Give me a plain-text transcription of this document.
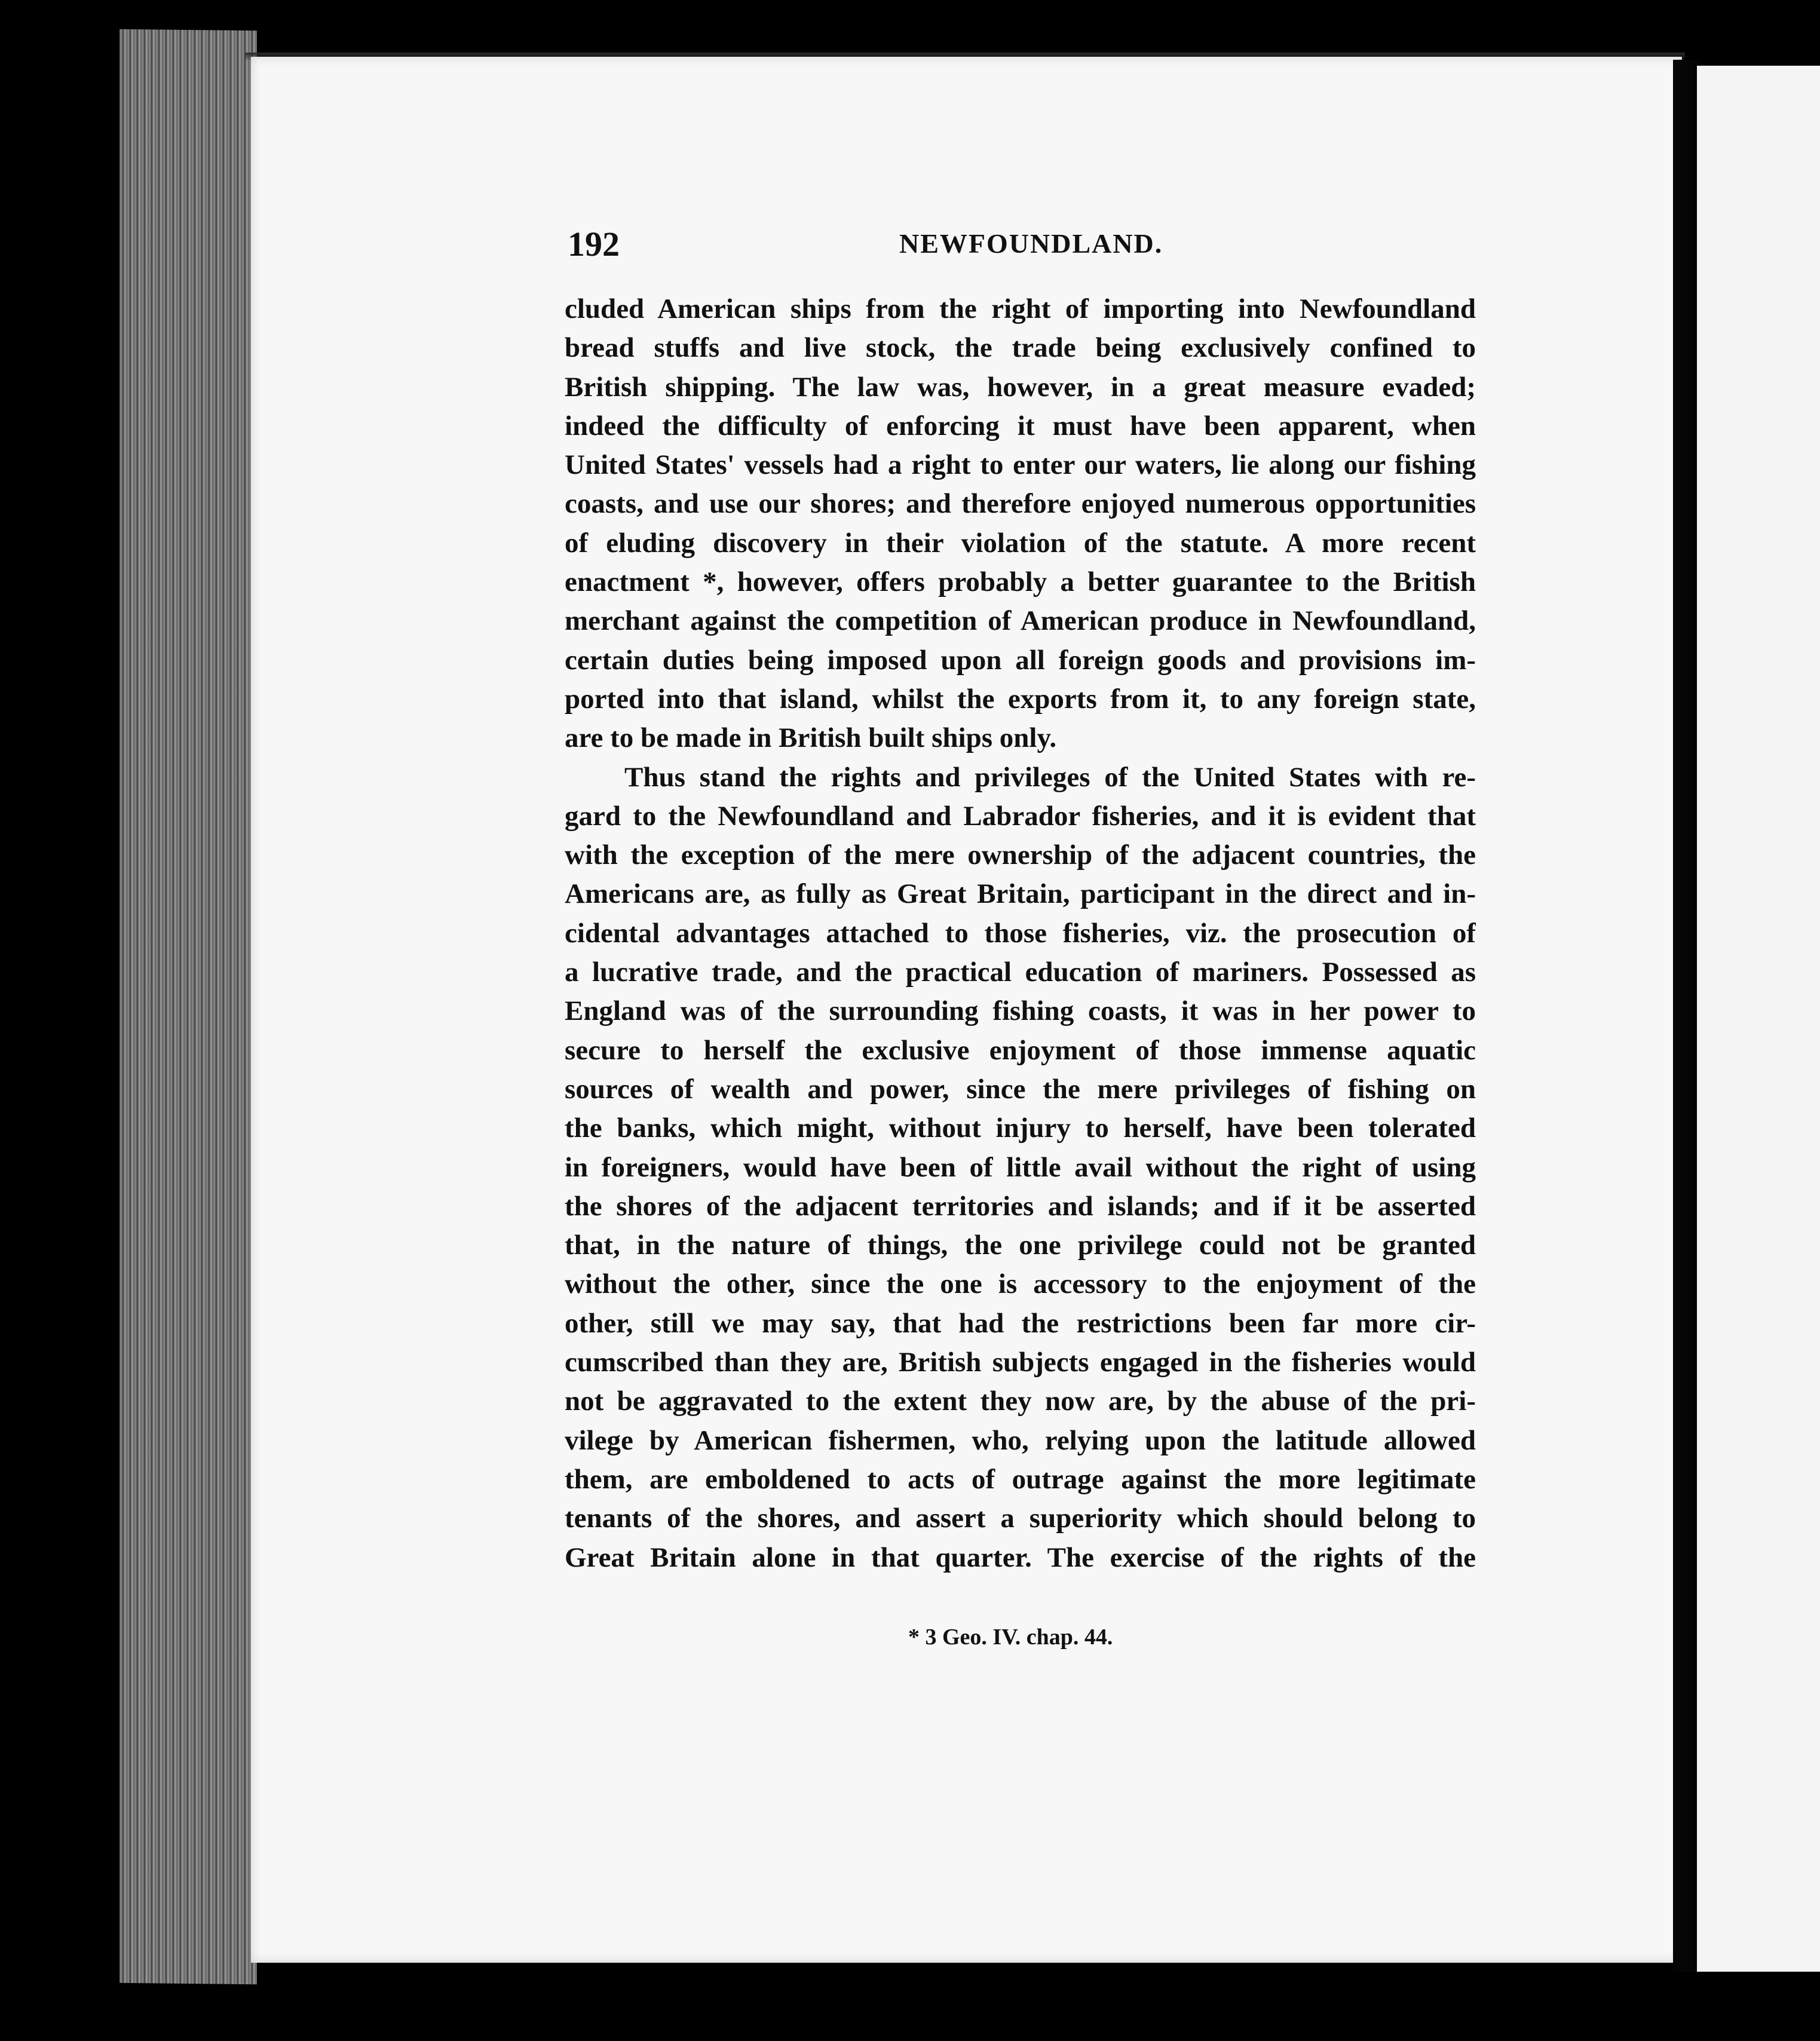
192	NEWFOUNDLAND.
cluded American ships from the right of importing into Newfoundland
bread stuffs and live stock, the trade being exclusively confined to
British shipping. The law was, however, in a great measure evaded;
indeed the difficulty of enforcing it must have been apparent, when
United States' vessels had a right to enter our waters, lie along our fishing
coasts, and use our shores; and therefore enjoyed numerous opportunities
of eluding discovery in their violation of the statute. A more recent
enactment *, however, offers probably a better guarantee to the British
merchant against the competition of American produce in Newfoundland,
certain duties being imposed upon all foreign goods and provisions im-
ported into that island, whilst the exports from it, to any foreign state,
are to be made in British built ships only.
Thus stand the rights and privileges of the United States with re-
gard to the Newfoundland and Labrador fisheries, and it is evident that
with the exception of the mere ownership of the adjacent countries, the
Americans are, as fully as Great Britain, participant in the direct and in-
cidental advantages attached to those fisheries, viz. the prosecution of
a lucrative trade, and the practical education of mariners. Possessed as
England was of the surrounding fishing coasts, it was in her power to
secure to herself the exclusive enjoyment of those immense aquatic
sources of wealth and power, since the mere privileges of fishing on
the banks, which might, without injury to herself, have been tolerated
in foreigners, would have been of little avail without the right of using
the shores of the adjacent territories and islands; and if it be asserted
that, in the nature of things, the one privilege could not be granted
without the other, since the one is accessory to the enjoyment of the
other, still we may say, that had the restrictions been far more cir-
cumscribed than they are, British subjects engaged in the fisheries would
not be aggravated to the extent they now are, by the abuse of the pri-
vilege by American fishermen, who, relying upon the latitude allowed
them, are emboldened to acts of outrage against the more legitimate
tenants of the shores, and assert a superiority which should belong to
Great Britain alone in that quarter. The exercise of the rights of the
* 3 Geo. IV. chap. 44.
